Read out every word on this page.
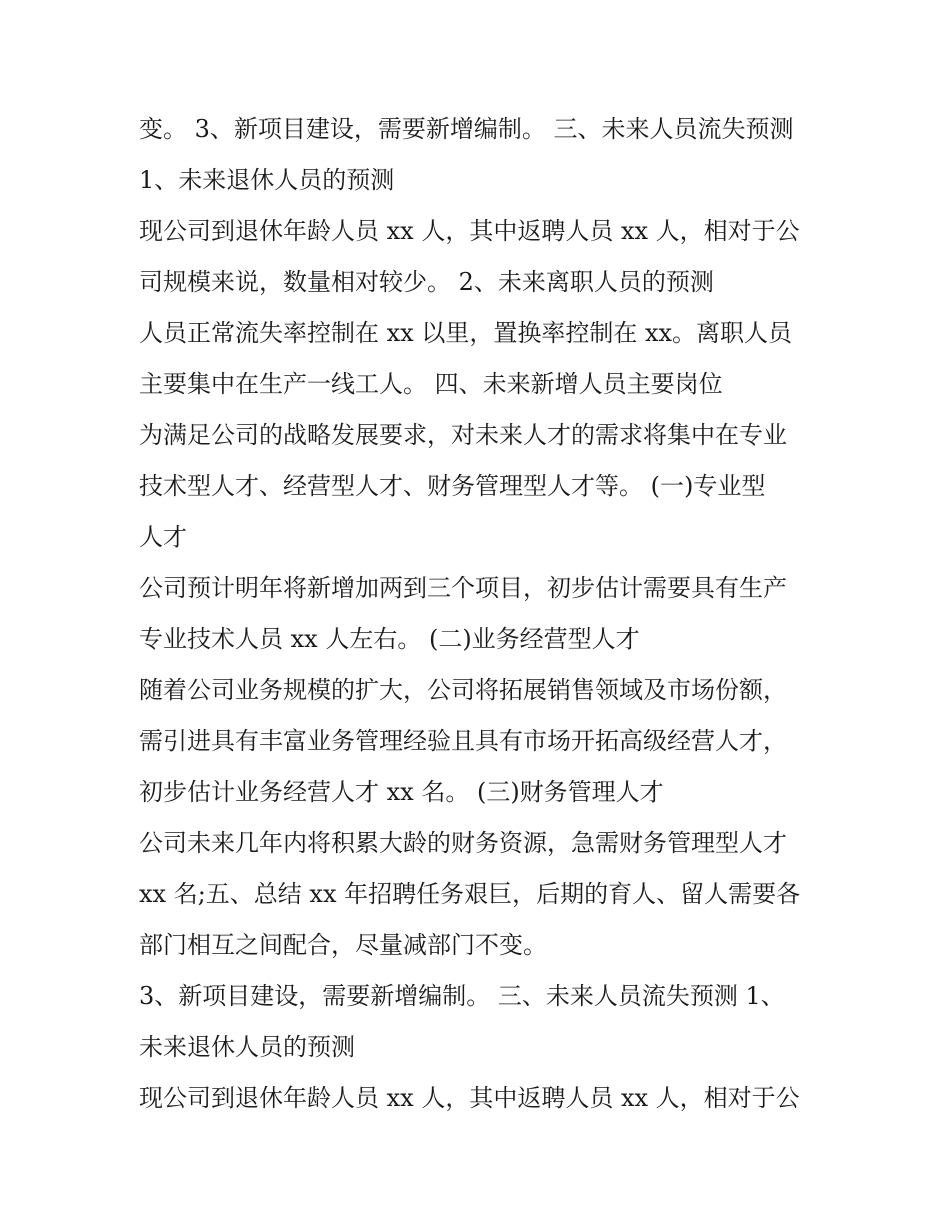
变。 3、新项目建设，需要新增编制。 三、未来人员流失预测
1、未来退休人员的预测
现公司到退休年龄人员 xx 人，其中返聘人员 xx 人，相对于公
司规模来说，数量相对较少。 2、未来离职人员的预测
人员正常流失率控制在 xx 以里，置换率控制在 xx。离职人员
主要集中在生产一线工人。 四、未来新增人员主要岗位
为满足公司的战略发展要求，对未来人才的需求将集中在专业
技术型人才、经营型人才、财务管理型人才等。 (一)专业型
人才
公司预计明年将新增加两到三个项目，初步估计需要具有生产
专业技术人员 xx 人左右。 (二)业务经营型人才
随着公司业务规模的扩大，公司将拓展销售领域及市场份额，
需引进具有丰富业务管理经验且具有市场开拓高级经营人才，
初步估计业务经营人才 xx 名。 (三)财务管理人才
公司未来几年内将积累大龄的财务资源，急需财务管理型人才
xx 名;五、总结 xx 年招聘任务艰巨，后期的育人、留人需要各
部门相互之间配合，尽量减部门不变。
3、新项目建设，需要新增编制。 三、未来人员流失预测 1、
未来退休人员的预测
现公司到退休年龄人员 xx 人，其中返聘人员 xx 人，相对于公
